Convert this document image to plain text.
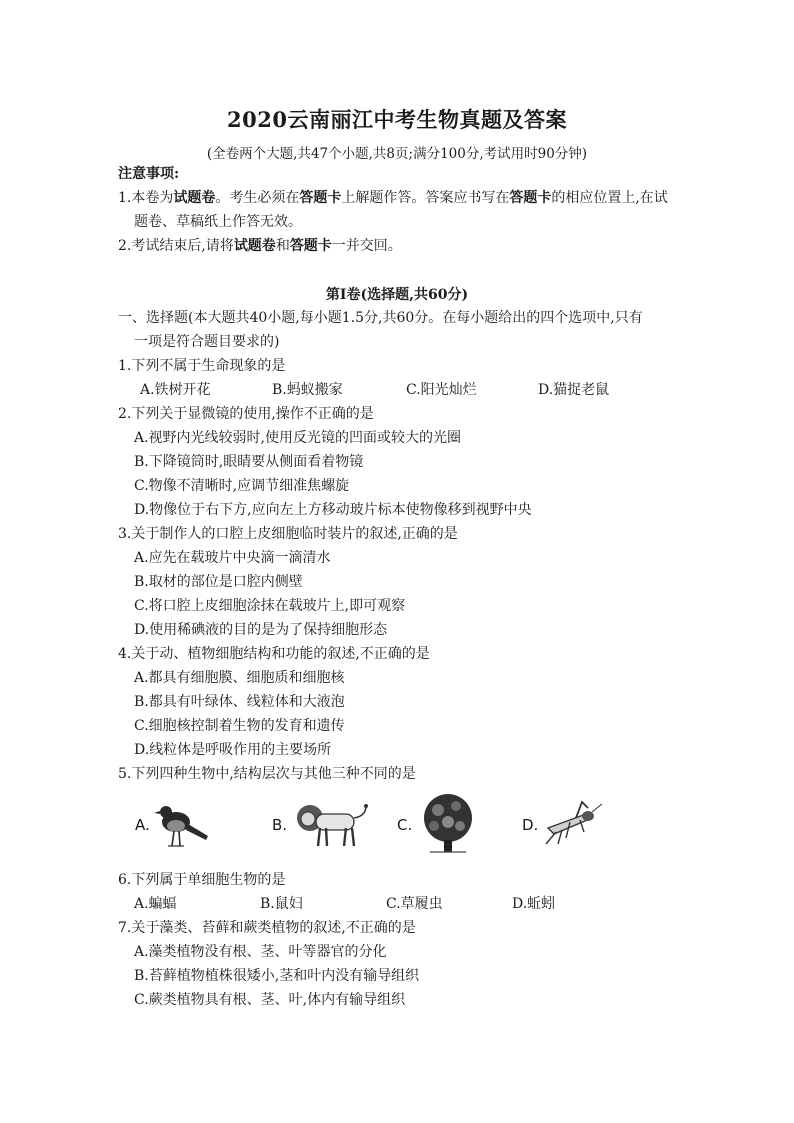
2020云南丽江中考生物真题及答案
(全卷两个大题,共47个小题,共8页;满分100分,考试用时90分钟)
注意事项:
1.本卷为试题卷。考生必须在答题卡上解题作答。答案应书写在答题卡的相应位置上,在试
题卷、草稿纸上作答无效。
2.考试结束后,请将试题卷和答题卡一并交回。
第Ⅰ卷(选择题,共60分)
一、选择题(本大题共40小题,每小题1.5分,共60分。在每小题给出的四个选项中,只有
一项是符合题目要求的)
1.下列不属于生命现象的是
A.铁树开花	B.蚂蚁搬家	C.阳光灿烂	D.猫捉老鼠
2.下列关于显微镜的使用,操作不正确的是
A.视野内光线较弱时,使用反光镜的凹面或较大的光圈
B.下降镜筒时,眼睛要从侧面看着物镜
C.物像不清晰时,应调节细准焦螺旋
D.物像位于右下方,应向左上方移动玻片标本使物像移到视野中央
3.关于制作人的口腔上皮细胞临时装片的叙述,正确的是
A.应先在载玻片中央滴一滴清水
B.取材的部位是口腔内侧壁
C.将口腔上皮细胞涂抹在载玻片上,即可观察
D.使用稀碘液的目的是为了保持细胞形态
4.关于动、植物细胞结构和功能的叙述,不正确的是
A.都具有细胞膜、细胞质和细胞核
B.都具有叶绿体、线粒体和大液泡
C.细胞核控制着生物的发育和遗传
D.线粒体是呼吸作用的主要场所
5.下列四种生物中,结构层次与其他三种不同的是
A.	B.	C.	D.
6.下列属于单细胞生物的是
A.蝙蝠	B.鼠妇	C.草履虫	D.蚯蚓
7.关于藻类、苔藓和蕨类植物的叙述,不正确的是
A.藻类植物没有根、茎、叶等器官的分化
B.苔藓植物植株很矮小,茎和叶内没有输导组织
C.蕨类植物具有根、茎、叶,体内有输导组织
